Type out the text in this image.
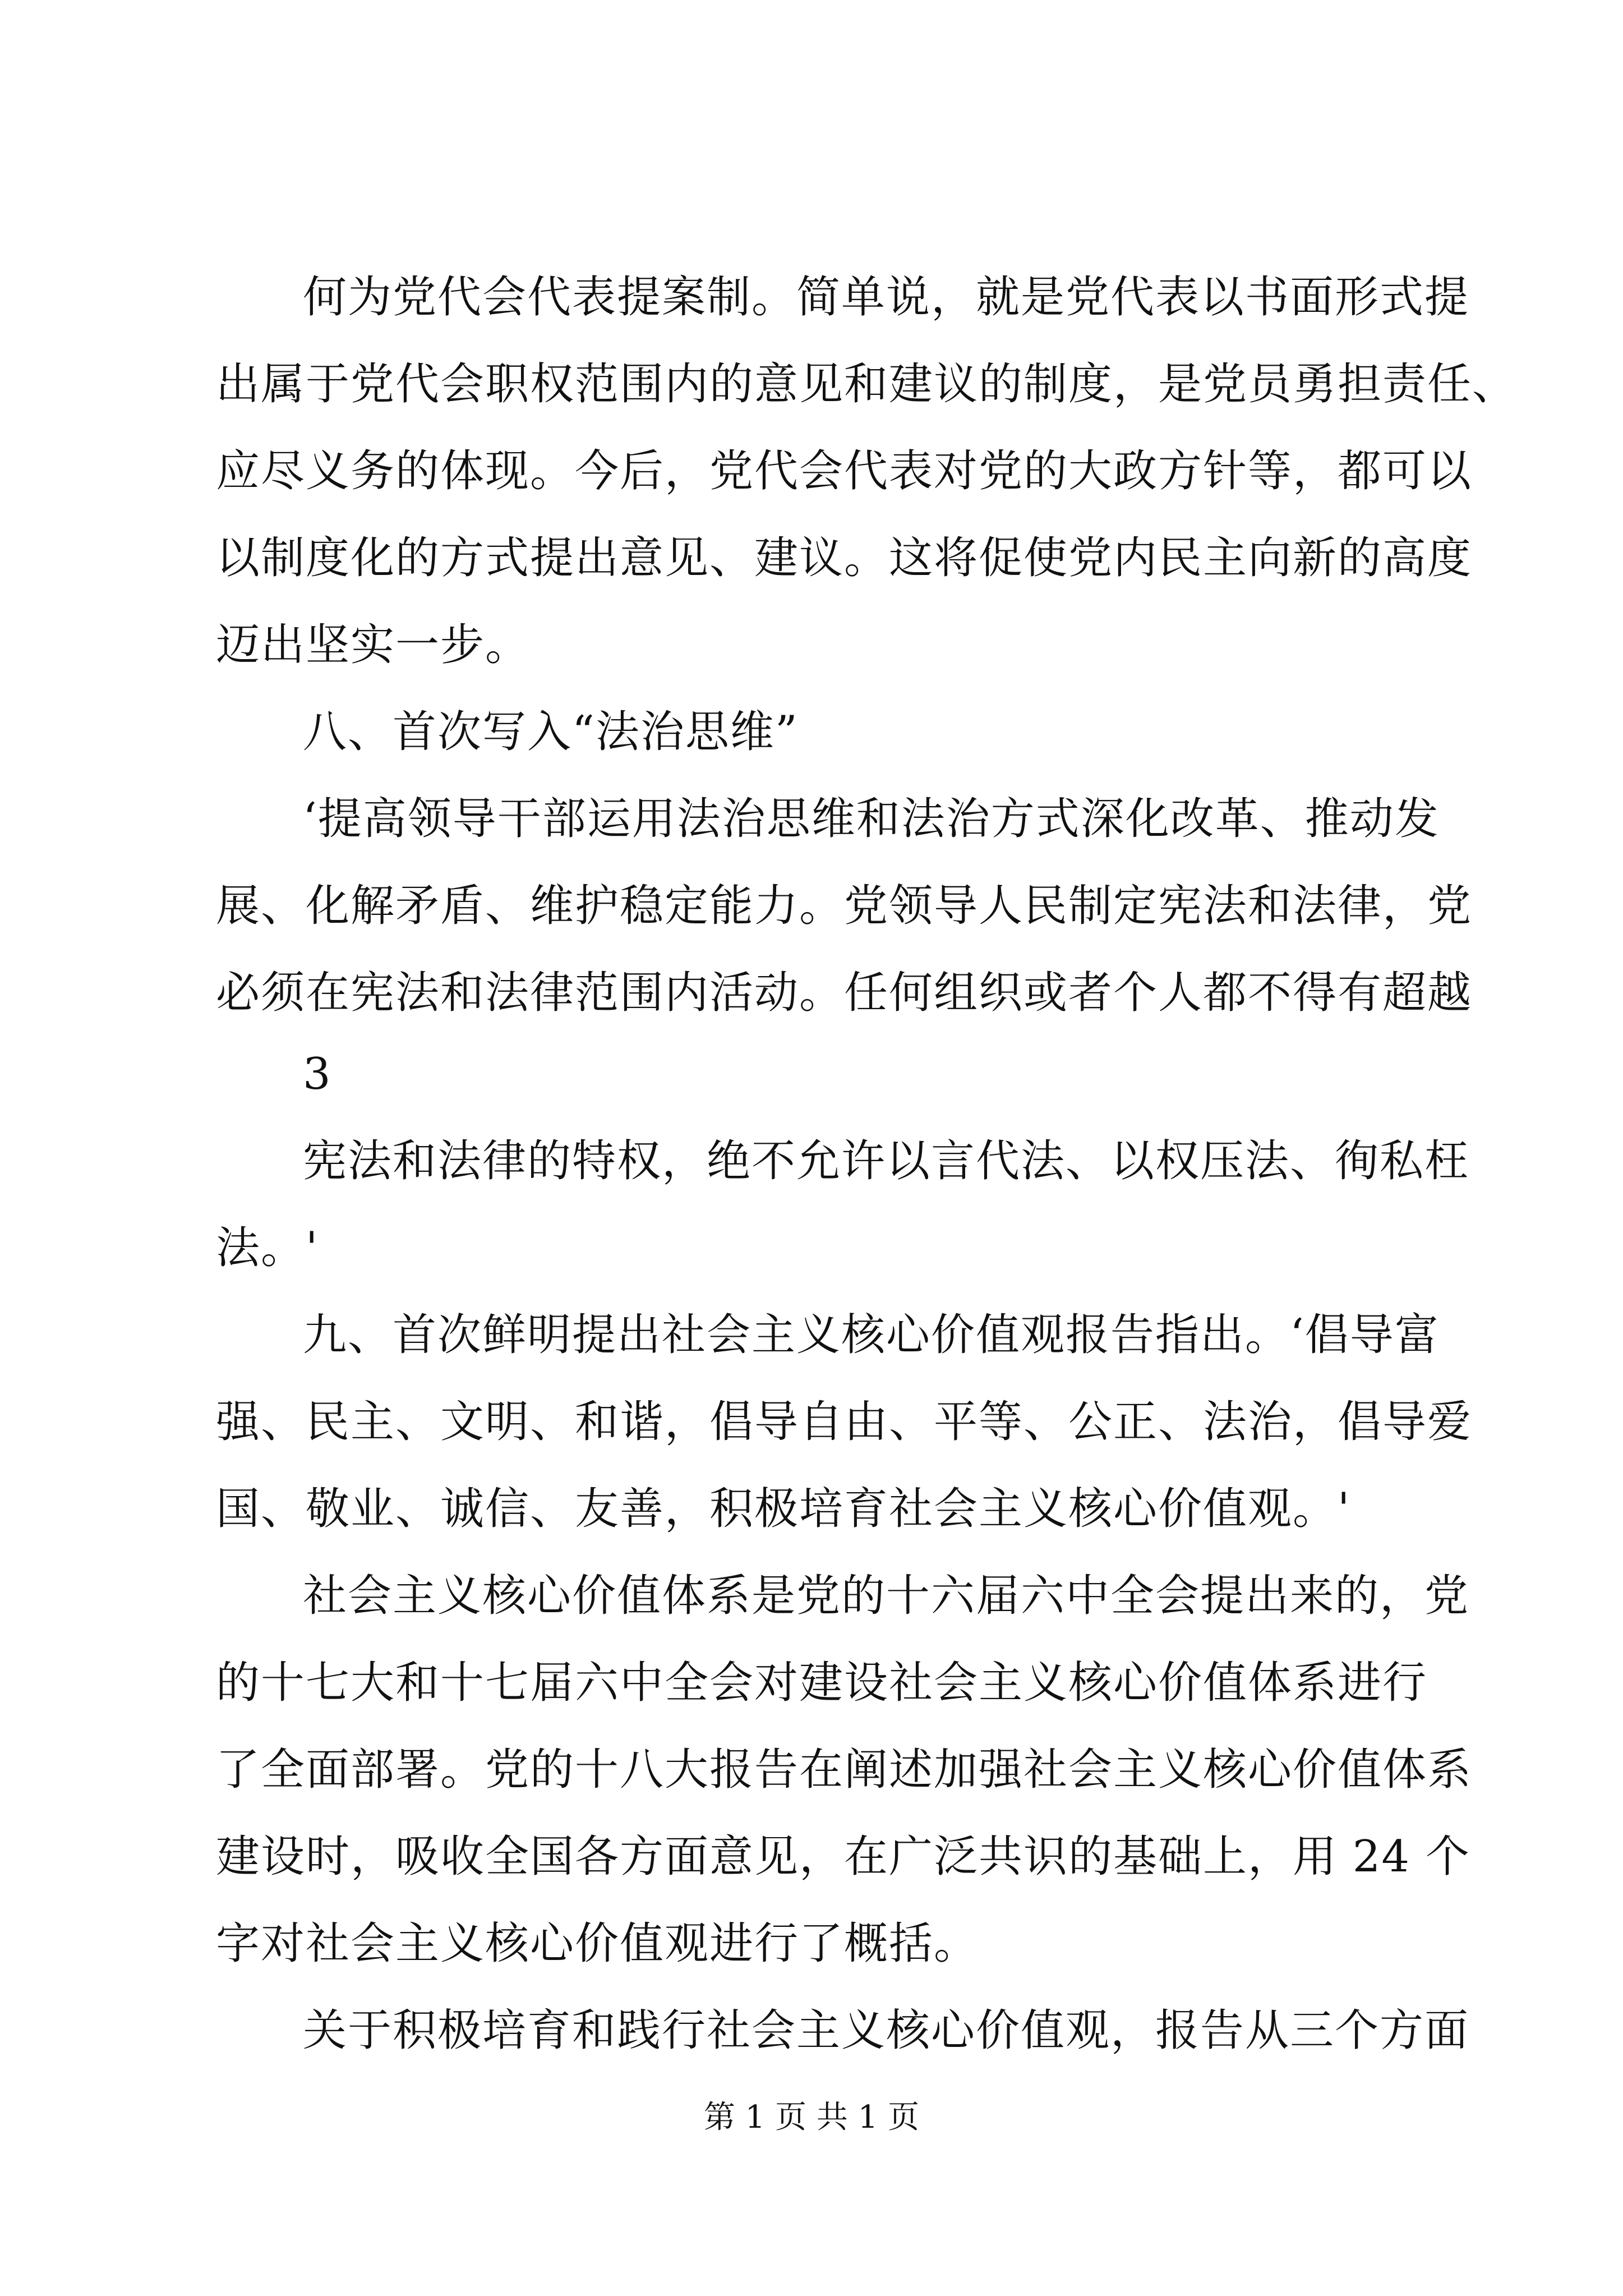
何为党代会代表提案制。简单说，就是党代表以书面形式提
出属于党代会职权范围内的意见和建议的制度，是党员勇担责任、
应尽义务的体现。今后，党代会代表对党的大政方针等，都可以
以制度化的方式提出意见、建议。这将促使党内民主向新的高度
迈出坚实一步。
八、首次写入“法治思维”
‘提高领导干部运用法治思维和法治方式深化改革、推动发
展、化解矛盾、维护稳定能力。党领导人民制定宪法和法律，党
必须在宪法和法律范围内活动。任何组织或者个人都不得有超越
3
宪法和法律的特权，绝不允许以言代法、以权压法、徇私枉
法。'
九、首次鲜明提出社会主义核心价值观报告指出。‘倡导富
强、民主、文明、和谐，倡导自由、平等、公正、法治，倡导爱
国、敬业、诚信、友善，积极培育社会主义核心价值观。'
社会主义核心价值体系是党的十六届六中全会提出来的，党
的十七大和十七届六中全会对建设社会主义核心价值体系进行
了全面部署。党的十八大报告在阐述加强社会主义核心价值体系
建设时，吸收全国各方面意见，在广泛共识的基础上，用 24 个
字对社会主义核心价值观进行了概括。
关于积极培育和践行社会主义核心价值观，报告从三个方面
第 1 页 共 1 页
